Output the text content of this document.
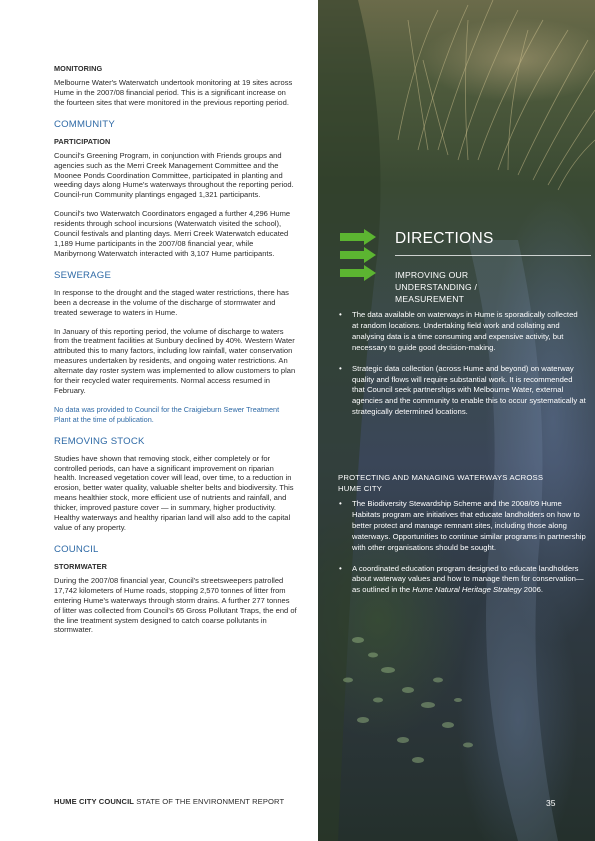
MONITORING

Melbourne Water's Waterwatch undertook monitoring at 19 sites across Hume in the 2007/08 financial period. This is a significant increase on the fourteen sites that were monitored in the previous reporting period.

COMMUNITY
PARTICIPATION

Council's Greening Program, in conjunction with Friends groups and agencies such as the Merri Creek Management Committee and the Moonee Ponds Coordination Committee, participated in planting and weeding days along Hume's waterways throughout the reporting period. Council-run Community plantings engaged 1,321 participants.

Council's two Waterwatch Coordinators engaged a further 4,296 Hume residents through school incursions (Waterwatch visited the school), Council festivals and planting days. Merri Creek Waterwatch educated 1,189 Hume participants in the 2007/08 financial year, while Maribyrnong Waterwatch interacted with 3,107 Hume participants.

SEWERAGE

In response to the drought and the staged water restrictions, there has been a decrease in the volume of the discharge of stormwater and treated sewerage to waters in Hume.

In January of this reporting period, the volume of discharge to waters from the treatment facilities at Sunbury declined by 40%. Western Water attributed this to many factors, including low rainfall, water conservation measures undertaken by residents, and ongoing water restrictions. An alternate day roster system was implemented to allow customers to plan for their recycled water requirements. Normal access resumed in February.

No data was provided to Council for the Craigieburn Sewer Treatment Plant at the time of publication.

REMOVING STOCK

Studies have shown that removing stock, either completely or for controlled periods, can have a significant improvement on riparian health. Increased vegetation cover will lead, over time, to a reduction in erosion, better water quality, valuable shelter belts and biodiversity. This means healthier stock, more efficient use of nutrients and rainfall, and thicker, improved pasture cover — in summary, higher productivity. Healthy waterways and healthy riparian land will also add to the capital value of any property.

COUNCIL
STORMWATER

During the 2007/08 financial year, Council's streetsweepers patrolled 17,742 kilometers of Hume roads, stopping 2,570 tonnes of litter from entering Hume's waterways through storm drains. A further 277 tonnes of litter was collected from Council's 65 Gross Pollutant Traps, the end of the line treatment system designed to catch coarse pollutants in stormwater.

HUME CITY COUNCIL STATE OF THE ENVIRONMENT REPORT
DIRECTIONS
IMPROVING OUR UNDERSTANDING / MEASUREMENT
• The data available on waterways in Hume is sporadically collected at random locations. Undertaking field work and collating and analysing data is a time consuming and expensive activity, but necessary to guide good decision-making.
• Strategic data collection (across Hume and beyond) on waterway quality and flows will require substantial work. It is recommended that Council seek partnerships with Melbourne Water, external agencies and the community to enable this to occur systematically at strategically determined locations.
PROTECTING AND MANAGING WATERWAYS ACROSS HUME CITY
• The Biodiversity Stewardship Scheme and the 2008/09 Hume Habitats program are initiatives that educate landholders on how to better protect and manage remnant sites, including those along waterways. Opportunities to continue similar programs in partnership with other organisations should be sought.
• A coordinated education program designed to educate landholders about waterway values and how to manage them for conservation—as outlined in the Hume Natural Heritage Strategy 2006.
35
